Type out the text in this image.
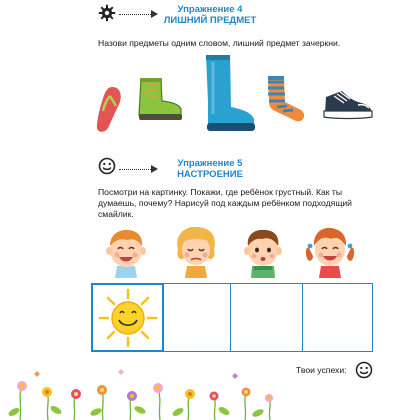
Упражнение 4
ЛИШНИЙ ПРЕДМЕТ
Назови предметы одним словом, лишний предмет зачеркни.
Упражнение 5
НАСТРОЕНИЕ
Посмотри на картинку. Покажи, где ребёнок грустный. Как ты
думаешь, почему? Нарисуй под каждым ребёнком подходящий
смайлик.
Твои успехи:
